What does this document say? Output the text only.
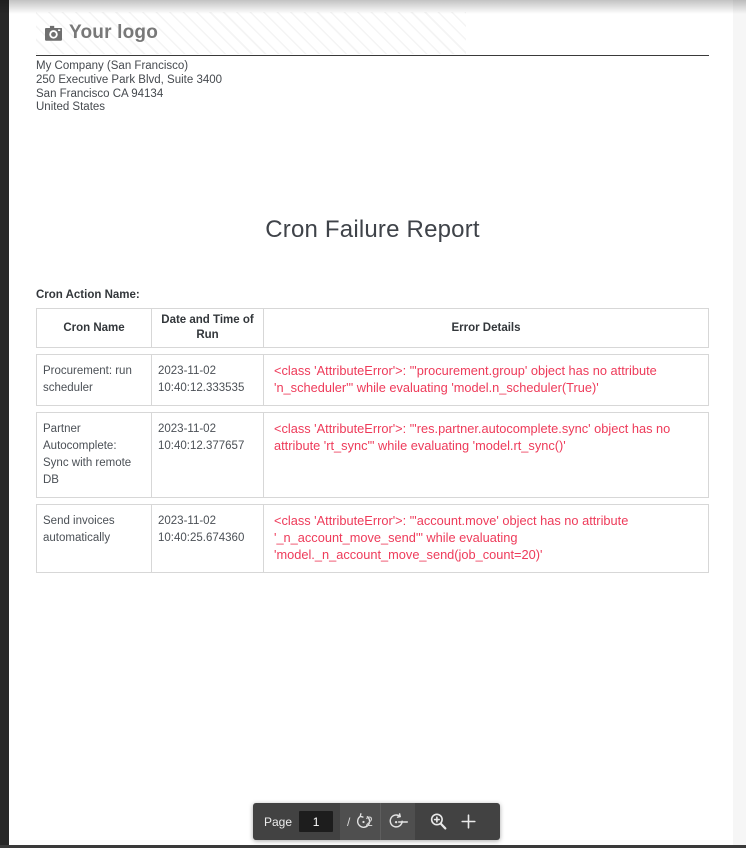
Your logo
My Company (San Francisco)
250 Executive Park Blvd, Suite 3400
San Francisco CA 94134
United States
Cron Failure Report
Cron Action Name:
Cron Name
Date and Time of Run
Error Details
Procurement: run scheduler
2023-11-02 10:40:12.333535
<class 'AttributeError'>: "'procurement.group' object has no attribute 'n_scheduler'" while evaluating 'model.n_scheduler(True)'
Partner Autocomplete: Sync with remote DB
2023-11-02 10:40:12.377657
<class 'AttributeError'>: "'res.partner.autocomplete.sync' object has no attribute 'rt_sync'" while evaluating 'model.rt_sync()'
Send invoices automatically
2023-11-02 10:40:25.674360
<class 'AttributeError'>: "'account.move' object has no attribute '_n_account_move_send'" while evaluating 'model._n_account_move_send(job_count=20)'
Page
1	/ 2
